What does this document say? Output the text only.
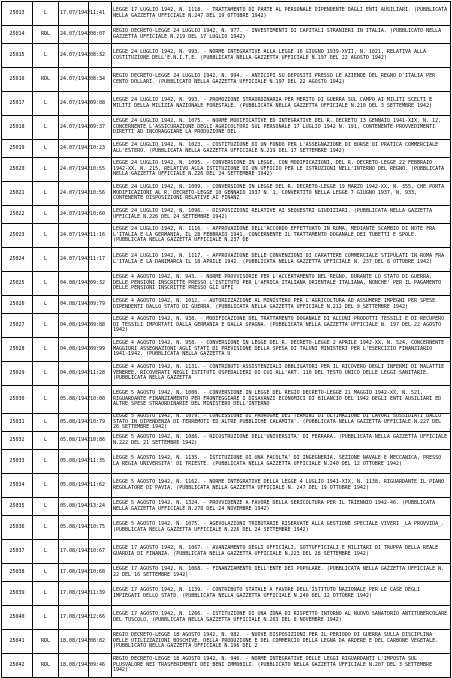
25013	L	17.07/1942	11:41	LEGGE 17 LUGLIO 1942, N. 1118. - TRATTAMENTO DI PARTE AL PERSONALE DIPENDENTE DAGLI ENTI AUSILIARI. (PUBBLICATA NELLA GAZZETTA UFFICIALE N.247 DEL 19 OTTOBRE 1942)
25014	RDL	24.07/1942	08:07	REGIO DECRETO-LEGGE 24 LUGLIO 1942, N. 977. - INVESTIMENTI DI CAPITALI STRANIERI IN ITALIA. (PUBBLICATO NELLA GAZZETTA UFFICIALE N.219 DEL 17 LUGLIO 1942)
25015	L	24.07/1942	08:32	LEGGE 24 LUGLIO 1942, N. 993. - NORME INTEGRATIVE ALLA LEGGE 16 GIUGNO 1939-XVII, N. 1021, RELATIVA ALLA COSTITUZIONE DELL'E.N.I.T.E. (PUBBLICATA NELLA GAZZETTA UFFICIALE N.197 DEL 22 AGOSTO 1942)
25016	RDL	24.07/1942	08:34	REGIO DECRETO-LEGGE 24 LUGLIO 1942, N. 994. - ANTICIPI SU DEPOSITI PRESSO LE AZIENDE DEL REGNO D'ITALIA PER CENTO DOLLARI. (PUBBLICATO NELLA GAZZETTA UFFICIALE N.197 DEL 22 AGOSTO 1942)
25017	L	24.07/1942	09:08	LEGGE 24 LUGLIO 1942, N. 993. - PROMOZIONE STRAORDINARIA PER MERITO DI GUERRA SUL CAMPO AI MILITI SCELTI E MILITI DELLA MILIZIA NAZIONALE FORESTALE. (PUBBLICATA NELLA GAZZETTA UFFICIALE N.210 DEL 3 SETTEMBRE 1942)
25018	L	24.07/1942	09:37	LEGGE 24 LUGLIO 1942, N. 1075. - NORME MODIFICATIVE ED INTEGRATIVE DEL R. DECRETO 13 GENNAIO 1941-XIX, N. 12, CONCERNENTE L'ASSICURAZIONE DEGLI AGRICOLTORI SUL PERSONALE 17 LUGLIO 1942 N. 191, CONTENENTE PROVVEDIMENTI DIRETTI AD INCORAGGIARE LA PRODUZIONE DEL
25019	L	24.07/1942	10:23	LEGGE 24 LUGLIO 1942, N. 1023. - COSTITUZIONE DI UN FONDO PER L'ASSEGNAZIONE DI BORSE DI PRATICA COMMERCIALE ALL'ESTERO. (PUBBLICATA NELLA GAZZETTA UFFICIALE N.219 DEL 17 SETTEMBRE 1942)
25020	L	24.07/1942	10:55	LEGGE 24 LUGLIO 1942, N. 1095. - CONVERSIONE IN LEGGE, CON MODIFICAZIONI, DEL R. DECRETO-LEGGE 22 FEBBRAIO 1942-XX, N. 215, RELATIVO ALLA ISTITUZIONE DI UN UFFICIO PER LE ISTRUZIONI NELL'INTERNO DEL REGNO. (PUBBLICATA NELLA GAZZETTA UFFICIALE N.226 DEL 24 SETTEMBRE 1942)
25021	L	24.07/1942	10:56	LEGGE 24 LUGLIO 1942, N. 1009. - CONVERSIONE IN LEGGE DEL R. DECRETO-LEGGE 19 MARZO 1942-XX, N. 355, CHE PORTA MODIFICAZIONI AL R. DECRETO-LEGGE 10 GENNAIO 1937 N. 1, CONVERTITO NELLA LEGGE 7 GIUGNO 1937, N. 933, CONTENENTE DISPOSIZIONI RELATIVE AI FINANZ
25022	L	24.07/1942	10:60	LEGGE 24 LUGLIO 1942, N. 1096. - DISPOSIZIONI RELATIVE AI SEQUESTRI GIUDIZIARI. (PUBBLICATA NELLA GAZZETTA UFFICIALE N.226 DEL 24 SETTEMBRE 1942)
25023	L	24.07/1942	11:16	LEGGE 24 LUGLIO 1942, N. 1116. - APPROVAZIONE DELL'ACCORDO EFFETTUATO IN ROMA, MEDIANTE SCAMBIO DI NOTE FRA L'ITALIA E LA GERMANIA, IL 28 FEBBRAIO 1941, CONCERNENTE IL TRATTAMENTO DOGANALE DEI TUBETTI E SPOLE. (PUBBLICATA NELLA GAZZETTA UFFICIALE N.237 DE
25024	L	24.07/1942	11:17	LEGGE 24 LUGLIO 1942, N. 1117. - APPROVAZIONE DELLE CONVENZIONI DI CARATTERE COMMERCIALE STIPULATI IN ROMA FRA L'ITALIA E LA DANIMARCA IL 18 APRILE 1942. (PUBBLICATA NELLA GAZZETTA UFFICIALE N. 237 DEL 8 OTTOBRE 1942)
25025	L	04.08/1942	09:32	LEGGE 4 AGOSTO 1942, N. 943. - NORME PROVVISORIE PER L'ACCERTAMENTO NEL REGNO, DURANTE LO STATO DI GUERRA, DELLE PENSIONI INSCRITTE PRESSO L'ISTITUTO PER L'AFRICA ITALIANA ORIENTALE ITALIANA, NONCHE' PER IL PAGAMENTO DELLE PENSIONI INSCRITTE PRESSO GLI UFFI
25026	L	04.08/1942	09:79	LEGGE 4 AGOSTO 1942, N. 1012. - AUTORIZZAZIONE AL MINISTERO PER L'AGRICOLTURA AD ASSUMERE IMPEGNI PER SPESE DIPENDENTI DALLO STATO DI GUERRA. (PUBBLICATA NELLA GAZZETTA UFFICIALE N.212 DEL 9 SETTEMBRE 1942)
25027	L	04.08/1942	09:88	LEGGE 4 AGOSTO 1942, N. 938. - MODIFICAZIONE DEL TRATTAMENTO DOGANALE DI ALCUNI PRODOTTI TESSILI E DI RECUPERO DI TESSILI IMPORTATI DALLA GERMANIA E DALLA SPAGNA. (PUBBLICATA NELLA GAZZETTA UFFICIALE N. 197 DEL 22 AGOSTO 1942)
25028	L	04.08/1942	09:99	LEGGE 4 AGOSTO 1942, N. 958. - CONVERSIONE IN LEGGE DEL R. DECRETO-LEGGE 2 APRILE 1942-XX, N. 524, CONCERNENTE MAGGIORI ASSEGNAZIONI AGLI STATI DI PREVISIONE DELLA SPESA DI TALUNI MINISTERI PER L'ESERCIZIO FINANZIARIO 1941-1942. (PUBBLICATA NELLA GAZZETTA U
25029	L	04.08/1942	11:28	LEGGE 4 AGOSTO 1942, N. 1131. - CONTRIBUTI ASSISTENZIALI OBBLIGATORI PER IL RICOVERO DEGLI INFERMI DI MALATTIE VENEREE, RICOVERATI NEGLI ISTITUTI OSPEDALIERI DI CUI ALL'ART. 110 DEL TESTO UNICO DELLE LEGGI SANITARIE. (PUBBLICATA NELLA GAZZETTA
25030	L	05.08/1942	10:00	LEGGE 5 AGOSTO 1942, N. 1000. - CONVERSIONE IN LEGGE DEL REGIO DECRETO-LEGGE 21 MAGGIO 1942-XX, N. 521, RIGUARDANTE FINANZIAMENTO PER FRONTEGGIARE I DISAVANZI ECONOMICI DI BILANCIO DEL 1942 DEGLI ENTI AUSILIARI ED ALTRE SPESE STRAORDINARIE DEL MINISTERO DELL'INTERNO
25031	L	05.08/1942	10:79	LEGGE 5 AGOSTO 1942, N. 1079. - CONCESSIONE DI PROROGHE DEI TERMINI DI ULTIMAZIONE DI LAVORI SUSSIDIATI DALLO STATO IN DIPENDENZA DI TERREMOTI ED ALTRE PUBBLICHE CALAMITA'. (PUBBLICATA NELLA GAZZETTA UFFICIALE N.227 DEL 26 SETTEMBRE 1942)
25032	L	05.08/1942	10:86	LEGGE 5 AGOSTO 1942, N. 1086. - RICOSTRUZIONE DELL'UNIVERSITA' DI FERRARA. (PUBBLICATA NELLA GAZZETTA UFFICIALE N.222 DEL 21 SETTEMBRE 1942)
25033	L	05.08/1942	11:35	LEGGE 5 AGOSTO 1942, N. 1135. - ISTITUZIONE DI UNA FACOLTA' DI INGEGNERIA, SEZIONE NAVALE E MECCANICA, PRESSO LA REGIA UNIVERSITA' DI TRIESTE. (PUBBLICATA NELLA GAZZETTA UFFICIALE N.240 DEL 12 OTTOBRE 1942)
25034	L	05.08/1942	11:62	LEGGE 5 AGOSTO 1942, N. 1162. - NORME INTEGRATIVE DELLA LEGGE 4 LUGLIO 1941-XIX, N. 1138, RIGUARDANTE IL PIANO REGOLATORE DI PAVIA. (PUBBLICATA NELLA GAZZETTA UFFICIALE N. 247 DEL 19 OTTOBRE 1942)
25035	L	05.08/1942	13:24	LEGGE 5 AGOSTO 1942, N. 1324. - PROVVIDENZE A FAVORE DELLA SERICOLTURA PER IL TRIENNIO 1942-46. (PUBBLICATA NELLA GAZZETTA UFFICIALE N.278 DEL 24 NOVEMBRE 1942)
25036	L	05.08/1942	10:75	LEGGE 5 AGOSTO 1942, N. 1075. - AGEVOLAZIONI TRIBUTARIE RISERVATE ALLA GESTIONE SPECIALE VIVERI _LA PROVVIDA_. (PUBBLICATA NELLA GAZZETTA UFFICIALE N.226 DEL 24 SETTEMBRE 1942)
25037	L	17.08/1942	10:67	LEGGE 17 AGOSTO 1942, N. 1067. - AVANZAMENTO DEGLI UFFICIALI, SOTTUFFICIALI E MILITARI DI TRUPPA DELLA REALE GUARDIA DI FINANZA. (PUBBLICATA NELLA GAZZETTA UFFICIALE N.223 DEL 28 SETTEMBRE 1942)
25038	L	17.08/1942	10:68	LEGGE 17 AGOSTO 1942, N. 1068. - FINANZIAMENTO DELL'ENTE DEI POPOLARE. (PUBBLICATA NELLA GAZZETTA UFFICIALE N. 22 DEL 16 SETTEMBRE 1942)
25039	L	17.08/1942	11:39	LEGGE 17 AGOSTO 1942, N. 1139. - CONTRIBUTO STATALE A FAVORE DELL'ISTITUTO NAZIONALE PER LE CASE DEGLI IMPIEGATI DELLO STATO. (PUBBLICATA NELLA GAZZETTA UFFICIALE N.240 DEL 12 OTTOBRE 1942)
25040	L	17.08/1942	12:66	LEGGE 17 AGOSTO 1942, N. 1266. - ISTITUZIONE DI UNA ZONA DI RISPETTO INTORNO AL NUOVO SANATORIO ANTITUBERCOLARE DEL TUSCOLO. (PUBBLICATA NELLA GAZZETTA UFFICIALE N.263 DEL 8 NOVEMBRE 1942)
25041	RDL	18.08/1942	08:82	REGIO DECRETO-LEGGE 18 AGOSTO 1942, N. 982. - NUOVE DISPOSIZIONI PER IL PERIODO DI GUERRA SULLA DISCIPLINA DELLE UTILIZZAZIONI BOSCHIVE, DELLA PRODUZIONE E DEL COMMERCIO DELLA LEGNA DA ARDERE E DEL CARBONE VEGETALE. (PUBBLICATO NELLA GAZZETTA UFFICIALE N.196 DEL 2
25042	RDL	18.08/1942	09:46	REGIO DECRETO-LEGGE 18 AGOSTO 1942, N. 946. - NORME INTEGRATIVE DELLE LEGGI RIGUARDANTI L'IMPOSTA SUL PLUSVALORE NEI TRASFERIMENTI DEI BENI IMMOBILI. (PUBBLICATO NELLA GAZZETTA UFFICIALE N.207 DEL 3 SETTEMBRE 1942)
